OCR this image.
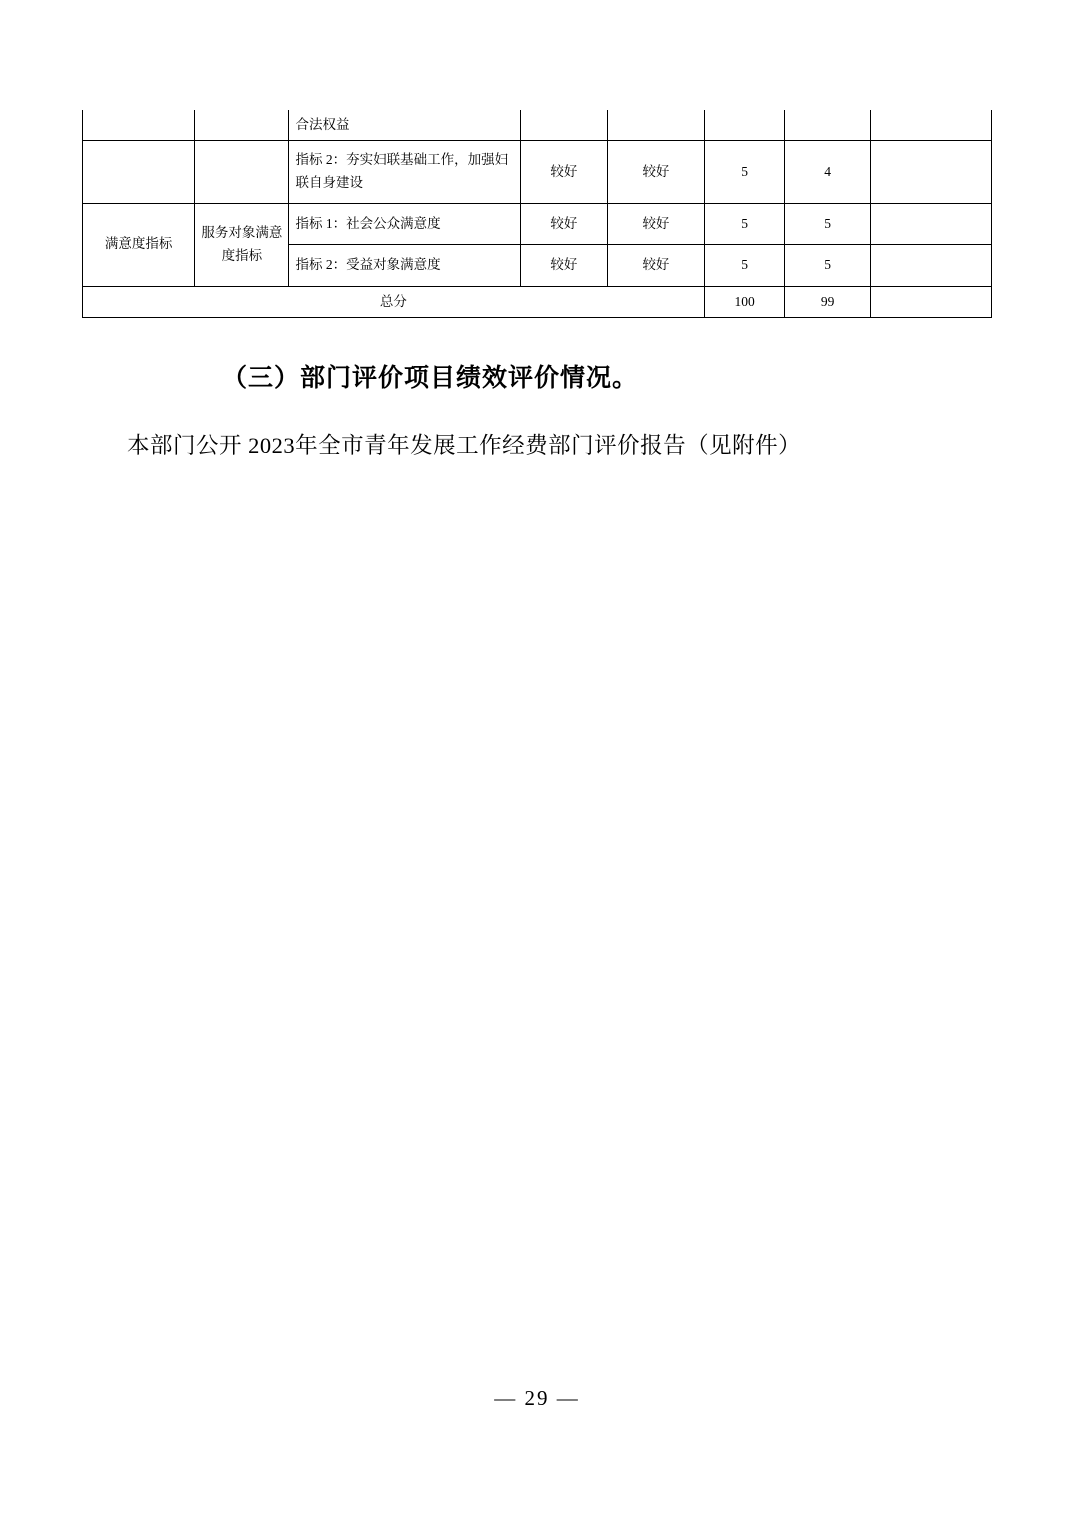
		合法权益					
		指标 2：夯实妇联基础工作，加强妇联自身建设	较好	较好	5	4	
满意度指标	服务对象满意度指标	指标 1：社会公众满意度	较好	较好	5	5	
		指标 2：受益对象满意度	较好	较好	5	5	
总分					100	99	
（三）部门评价项目绩效评价情况。
本部门公开 2023年全市青年发展工作经费部门评价报告（见附件）
— 29 —
